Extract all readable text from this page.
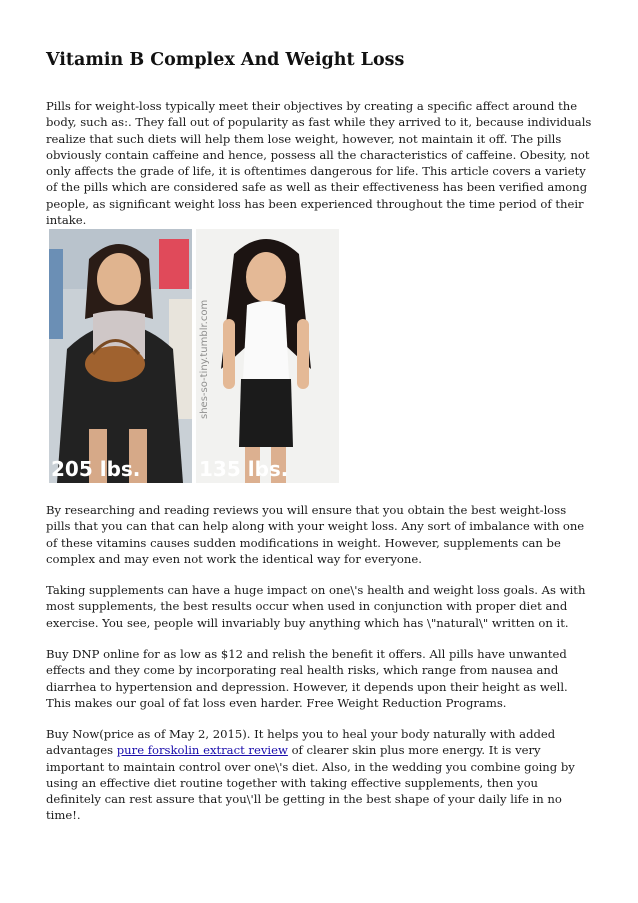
Vitamin B Complex And Weight Loss

Pills for weight-loss typically meet their objectives by creating a specific affect around the body, such as:. They fall out of popularity as fast while they arrived to it, because individuals realize that such diets will help them lose weight, however, not maintain it off. The pills obviously contain caffeine and hence, possess all the characteristics of caffeine. Obesity, not only affects the grade of life, it is oftentimes dangerous for life. This article covers a variety of the pills which are considered safe as well as their effectiveness has been verified among people, as significant weight loss has been experienced throughout the time period of their intake.

205 lbs.	135 lbs.
shes-so-tiny.tumblr.com

By researching and reading reviews you will ensure that you obtain the best weight-loss pills that you can that can help along with your weight loss. Any sort of imbalance with one of these vitamins causes sudden modifications in weight. However, supplements can be complex and may even not work the identical way for everyone.

Taking supplements can have a huge impact on one\'s health and weight loss goals. As with most supplements, the best results occur when used in conjunction with proper diet and exercise. You see, people will invariably buy anything which has \"natural\" written on it.

Buy DNP online for as low as $12 and relish the benefit it offers. All pills have unwanted effects and they come by incorporating real health risks, which range from nausea and diarrhea to hypertension and depression. However, it depends upon their height as well. This makes our goal of fat loss even harder. Free Weight Reduction Programs.

Buy Now(price as of May 2, 2015). It helps you to heal your body naturally with added advantages pure forskolin extract review of clearer skin plus more energy. It is very important to maintain control over one\'s diet. Also, in the wedding you combine going by using an effective diet routine together with taking effective supplements, then you definitely can rest assure that you\'ll be getting in the best shape of your daily life in no time!.
